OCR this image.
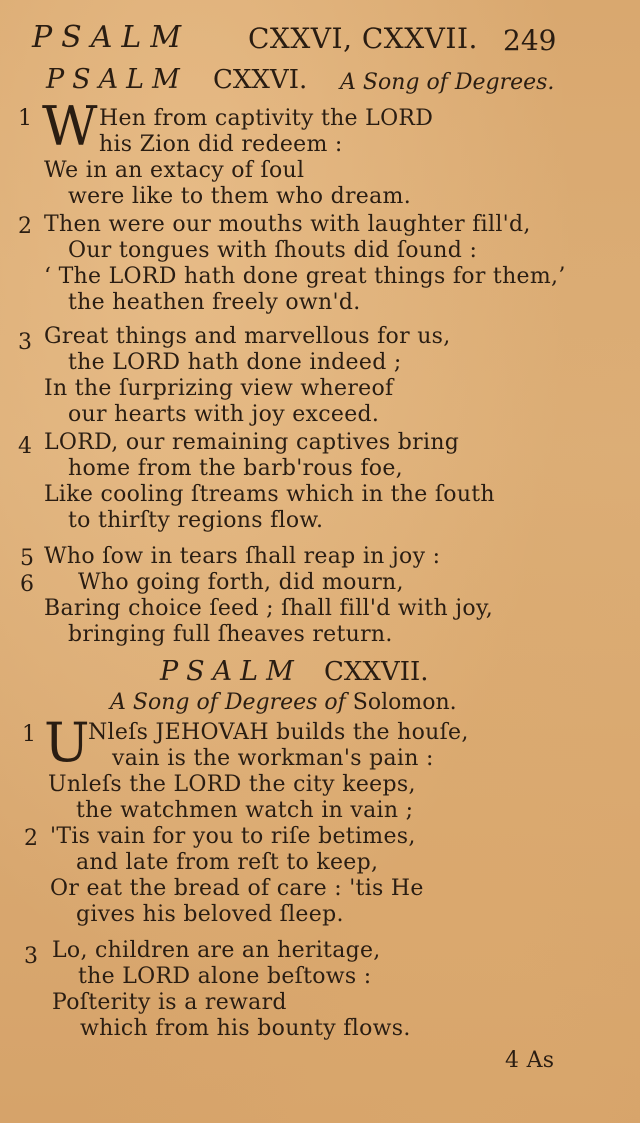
PSALM CXXVI, CXXVII. 249
PSALM CXXVI. A Song of Degrees.
1 W Hen from captivity the LORD
his Zion did redeem :
We in an extacy of ſoul
were like to them who dream.
2 Then were our mouths with laughter fill'd,
Our tongues with ſhouts did ſound :
‘ The LORD hath done great things for them,’
the heathen freely own'd.
3 Great things and marvellous for us,
the LORD hath done indeed ;
In the ſurprizing view whereof
our hearts with joy exceed.
4 LORD, our remaining captives bring
home from the barb'rous foe,
Like cooling ſtreams which in the ſouth
to thirſty regions flow.
5 Who ſow in tears ſhall reap in joy :
6 Who going forth, did mourn,
Baring choice ſeed ; ſhall fill'd with joy,
bringing full ſheaves return.
PSALM CXXVII.
A Song of Degrees of Solomon.
1 U
Nleſs JEHOVAH builds the houſe,
vain is the workman's pain :
Unleſs the LORD the city keeps,
the watchmen watch in vain ;
2 'Tis vain for you to riſe betimes,
and late from reſt to keep,
Or eat the bread of care : 'tis He
gives his beloved ſleep.
3 Lo, children are an heritage,
the LORD alone beſtows :
Poſterity is a reward
which from his bounty flows.
4 As
